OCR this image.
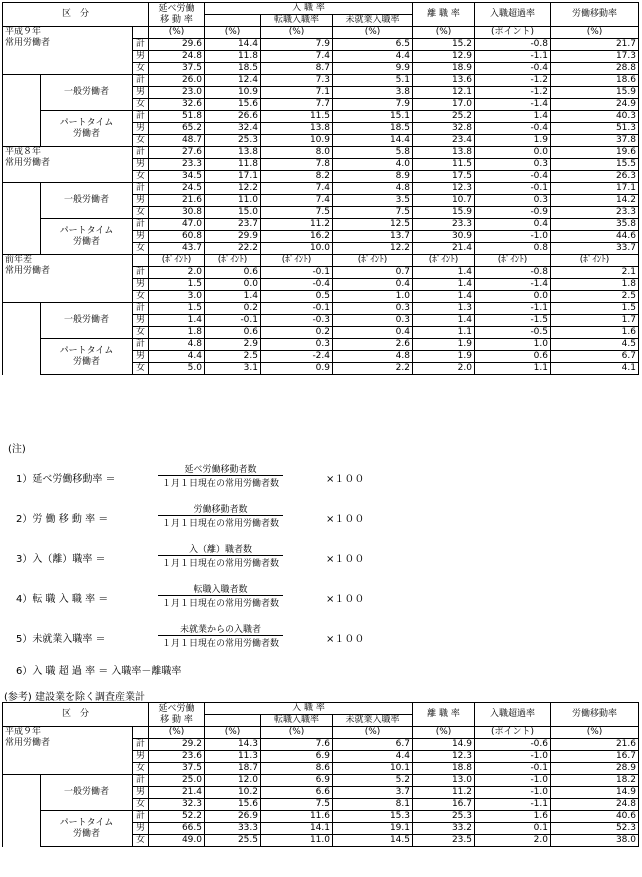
区　分			延べ労働
移 動 率	入 職 率			離 職 率	入職超過率	労働移動率
					転職入職率	未就業入職率			
平成９年
常用労働者			(%)	(%)	(%)	(%)	(%)	(ポイント)	(%)
		計	29.6	14.4	7.9	6.5	15.2	-0.8	21.7
		男	24.8	11.8	7.4	4.4	12.9	-1.1	17.3
		女	37.5	18.5	8.7	9.9	18.9	-0.4	28.8
	一般労働者	計	26.0	12.4	7.3	5.1	13.6	-1.2	18.6
		男	23.0	10.9	7.1	3.8	12.1	-1.2	15.9
		女	32.6	15.6	7.7	7.9	17.0	-1.4	24.9
	パートタイム
労働者	計	51.8	26.6	11.5	15.1	25.2	1.4	40.3
		男	65.2	32.4	13.8	18.5	32.8	-0.4	51.3
		女	48.7	25.3	10.9	14.4	23.4	1.9	37.8
平成８年
常用労働者		計	27.6	13.8	8.0	5.8	13.8	0.0	19.6
		男	23.3	11.8	7.8	4.0	11.5	0.3	15.5
		女	34.5	17.1	8.2	8.9	17.5	-0.4	26.3
	一般労働者	計	24.5	12.2	7.4	4.8	12.3	-0.1	17.1
		男	21.6	11.0	7.4	3.5	10.7	0.3	14.2
		女	30.8	15.0	7.5	7.5	15.9	-0.9	23.3
	パートタイム
労働者	計	47.0	23.7	11.2	12.5	23.3	0.4	35.8
		男	60.8	29.9	16.2	13.7	30.9	-1.0	44.6
		女	43.7	22.2	10.0	12.2	21.4	0.8	33.7
前年差
常用労働者			(ﾎﾟｲﾝﾄ)	(ﾎﾟｲﾝﾄ)	(ﾎﾟｲﾝﾄ)	(ﾎﾟｲﾝﾄ)	(ﾎﾟｲﾝﾄ)	(ﾎﾟｲﾝﾄ)	(ﾎﾟｲﾝﾄ)
		計	2.0	0.6	-0.1	0.7	1.4	-0.8	2.1
		男	1.5	0.0	-0.4	0.4	1.4	-1.4	1.8
		女	3.0	1.4	0.5	1.0	1.4	0.0	2.5
	一般労働者	計	1.5	0.2	-0.1	0.3	1.3	-1.1	1.5
		男	1.4	-0.1	-0.3	0.3	1.4	-1.5	1.7
		女	1.8	0.6	0.2	0.4	1.1	-0.5	1.6
	パートタイム
労働者	計	4.8	2.9	0.3	2.6	1.9	1.0	4.5
		男	4.4	2.5	-2.4	4.8	1.9	0.6	6.7
		女	5.0	3.1	0.9	2.2	2.0	1.1	4.1
(注)
1）延べ労働移動率 ＝
延べ労働移動者数
１月１日現在の常用労働者数	×１００
2）労 働 移 動 率 ＝
労働移動者数
１月１日現在の常用労働者数	×１００
3）入（離）職率 ＝
入（離）職者数
１月１日現在の常用労働者数	×１００
4）転 職 入 職 率 ＝
転職入職者数
１月１日現在の常用労働者数	×１００
5）未就業入職率 ＝
未就業からの入職者
１月１日現在の常用労働者数	×１００
6）入 職 超 過 率 ＝ 入職率－離職率
(参考) 建設業を除く調査産業計
区　分			延べ労働
移 動 率	入 職 率			離 職 率	入職超過率	労働移動率
					転職入職率	未就業入職率			
平成９年
常用労働者			(%)	(%)	(%)	(%)	(%)	(ポイント)	(%)
		計	29.2	14.3	7.6	6.7	14.9	-0.6	21.6
		男	23.6	11.3	6.9	4.4	12.3	-1.0	16.7
		女	37.5	18.7	8.6	10.1	18.8	-0.1	28.9
	一般労働者	計	25.0	12.0	6.9	5.2	13.0	-1.0	18.2
		男	21.4	10.2	6.6	3.7	11.2	-1.0	14.9
		女	32.3	15.6	7.5	8.1	16.7	-1.1	24.8
	パートタイム
労働者	計	52.2	26.9	11.6	15.3	25.3	1.6	40.6
		男	66.5	33.3	14.1	19.1	33.2	0.1	52.3
		女	49.0	25.5	11.0	14.5	23.5	2.0	38.0
